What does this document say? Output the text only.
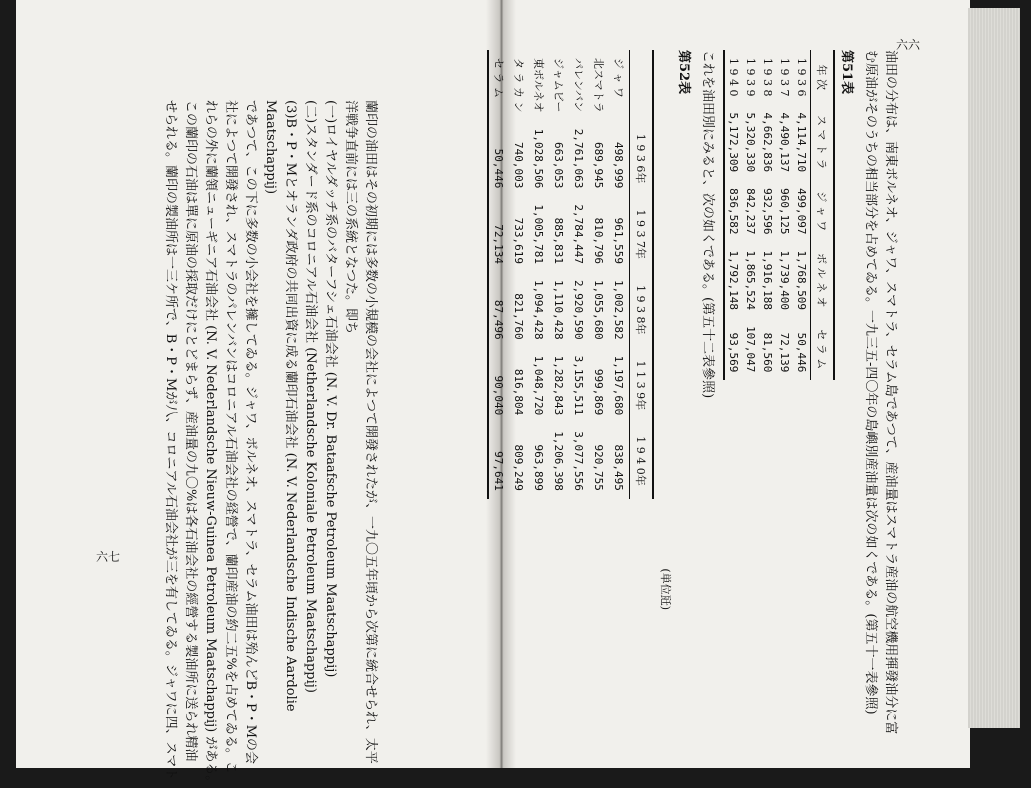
六六
六七	油田の分布は、南東ボルネオ、ジャワ、スマトラ、セラム島であつて、産油量はスマトラ産油の航空機用揮發油分に富
む原油がそのうちの相当部分を占めてゐる。一九三五-四〇年の島嶼別産油量は次の如くである。(第五十一表參照)
第51表
年 次	ス マ ト ラ	ジ ャ ワ	ボ ル ネ オ	セ ラ ム
1 9 3 6	4,114,710	499,097	1,768,509	50,446
1 9 3 7	4,490,137	960,125	1,739,400	72,139
1 9 3 8	4,662,836	932,596	1,916,188	81,560
1 9 3 9	5,320,330	842,237	1,865,524	107,047
1 9 4 0	5,172,309	836,582	1,792,148	93,569
これを油田別にみると、次の如くである。(第五十二表參照)
第52表
(単位瓩)
	1 9 3 6年	1 9 3 7年	1 9 3 8年	1 1 3 9年	1 9 4 0年
ジ ャ ワ	498,999	961,559	1,002,582	1,197,680	838,495
北スマトラ	689,945	810,796	1,055,680	999,869	920,755
パレンバン	2,761,063	2,784,447	2,920,590	3,155,511	3,077,556
ジャムビー	663,053	885,831	1,110,428	1,282,843	1,206,398
東ボルネオ	1,028,506	1,005,781	1,094,428	1,048,720	963,899
タ ラ カ ン	740,003	733,619	821,760	816,804	809,249
セ ラ ム	50,446	72,134	87,496	90,040	97,641
蘭印の油田はその初期には多数の小規模の会社によつて開發されたが、一九〇五年頃から次第に統合せられ、太平
洋戦争直前には三の系統となつた。即ち
(一)ロイヤルダッチ系のバターフシェ石油会社 (N. V. Dr. Bataafsche Petroleum Maatschappij)
(二)スタンダード系のコロニアル石油会社 (Netherlandsche Koloniale Petroleum Maatschappij)
(3)B・P・Mとオランダ政府の共同出資に成る蘭印石油会社 (N. V. Nederlandsche Indische Aardolie
Maatschappij)
であつて、この下に多数の小会社を擁してゐる。ジャワ、ボルネオ、スマトラ、セラム油田は殆んどB・P・Mの会
社によつて開發され、スマトラのパレンバンはコロニアル石油会社の経營で、蘭印産油の約二五%を占めてゐる。こ
れらの外に蘭領ニューギニア石油会社 (N. V. Nederlandsche Nieuw-Guinea Petroleum Maatschappij) がある。
この蘭印の石油は單に原油の採取だけにとどまらず、産油量の九〇%は各石油会社の經營する製油所に送られ精油
せられる。蘭印の製油所は一三ケ所で、B・P・Mが八、コロニアル石油会社が三を有してゐる。ジャワに四、スマト
